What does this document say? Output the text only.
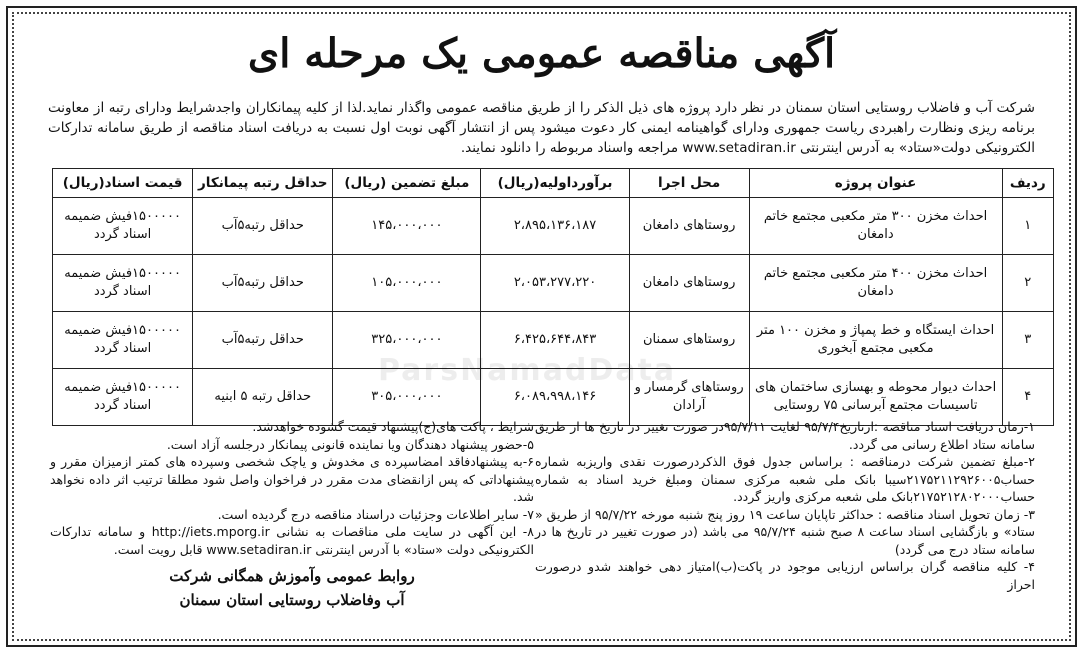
آگهی مناقصه عمومی یک مرحله ای

شرکت آب و فاضلاب روستایی استان سمنان در نظر دارد پروژه های ذیل الذکر را از طریق مناقصه عمومی واگذار نماید.لذا از کلیه پیمانکاران واجدشرایط ودارای رتبه از معاونت برنامه ریزی ونظارت راهبردی ریاست جمهوری ودارای گواهینامه ایمنی کار دعوت میشود پس از انتشار آگهی نوبت اول نسبت به دریافت اسناد مناقصه از طریق سامانه تدارکات الکترونیکی دولت«ستاد» به آدرس اینترنتی www.setadiran.ir مراجعه واسناد مربوطه را دانلود نمایند.

ردیف	عنوان پروژه	محل اجرا	برآورداولیه(ریال)	مبلغ تضمین (ریال)	حداقل رتبه پیمانکار	قیمت اسناد(ریال)
۱	احداث مخزن ۳۰۰ متر مکعبی مجتمع خاتم دامغان	روستاهای دامغان	۲،۸۹۵،۱۳۶،۱۸۷	۱۴۵،۰۰۰،۰۰۰	حداقل رتبه۵آب	۱۵۰۰۰۰۰فیش ضمیمه اسناد گردد
۲	احداث مخزن ۴۰۰ متر مکعبی مجتمع خاتم دامغان	روستاهای دامغان	۲،۰۵۳،۲۷۷،۲۲۰	۱۰۵،۰۰۰،۰۰۰	حداقل رتبه۵آب	۱۵۰۰۰۰۰فیش ضمیمه اسناد گردد
۳	احداث ایستگاه و خط پمپاژ و مخزن ۱۰۰ متر مکعبی مجتمع آبخوری	روستاهای سمنان	۶،۴۲۵،۶۴۴،۸۴۳	۳۲۵،۰۰۰،۰۰۰	حداقل رتبه۵آب	۱۵۰۰۰۰۰فیش ضمیمه اسناد گردد
۴	احداث دیوار محوطه و بهسازی ساختمان های تاسیسات مجتمع آبرسانی ۷۵ روستایی	روستاهای گرمسار و آرادان	۶،۰۸۹،۹۹۸،۱۴۶	۳۰۵،۰۰۰،۰۰۰	حداقل رتبه ۵ ابنیه	۱۵۰۰۰۰۰فیش ضمیمه اسناد گردد
ParsNamadData

۱-زمان دریافت اسناد مناقصه :ازتاریخ۹۵/۷/۴ لغایت ۹۵/۷/۱۱در صورت تغییر در تاریخ ها از طریق سامانه ستاد اطلاع رسانی می گردد.

۲-مبلغ تضمین شرکت درمناقصه : براساس جدول فوق الذکردرصورت نقدی واریزبه شماره حساب۲۱۷۵۲۱۱۲۹۲۶۰۰۵سیبا بانک ملی شعبه مرکزی سمنان ومبلغ خرید اسناد به شماره حساب۲۱۷۵۲۱۲۸۰۲۰۰۰بانک ملی شعبه مرکزی واریز گردد.

۳- زمان تحویل اسناد مناقصه : حداکثر تاپایان ساعت ۱۹ روز پنج شنبه مورخه ۹۵/۷/۲۲ از طریق « ستاد» و بازگشایی اسناد ساعت ۸ صبح شنبه ۹۵/۷/۲۴ می باشد (در صورت تغییر در تاریخ ها در سامانه ستاد درج می گردد)

۴- کلیه مناقصه گران براساس ارزیابی موجود در پاکت(ب)امتیاز دهی خواهند شدو درصورت احراز

شرایط ، پاکت های(ج)پیشنهاد قیمت گشوده خواهدشد.

۵-حضور پیشنهاد دهندگان ویا نماینده قانونی پیمانکار درجلسه آزاد است.

۶-به پیشنهادفاقد امضاسپرده ی مخدوش و یاچک شخصی وسپرده های کمتر ازمیزان مقرر و پیشنهاداتی که پس ازانقضای مدت مقرر در فراخوان واصل شود مطلقا ترتیب اثر داده نخواهد شد.

۷- سایر اطلاعات وجزئیات دراسناد مناقصه درج گردیده است.

۸- این آگهی در سایت ملی مناقصات به نشانی http://iets.mporg.ir و سامانه تدارکات الکترونیکی دولت «ستاد» با آدرس اینترنتی www.setadiran.ir قابل رویت است.

روابط عمومی وآموزش همگانی شرکت
آب وفاضلاب روستایی استان سمنان
